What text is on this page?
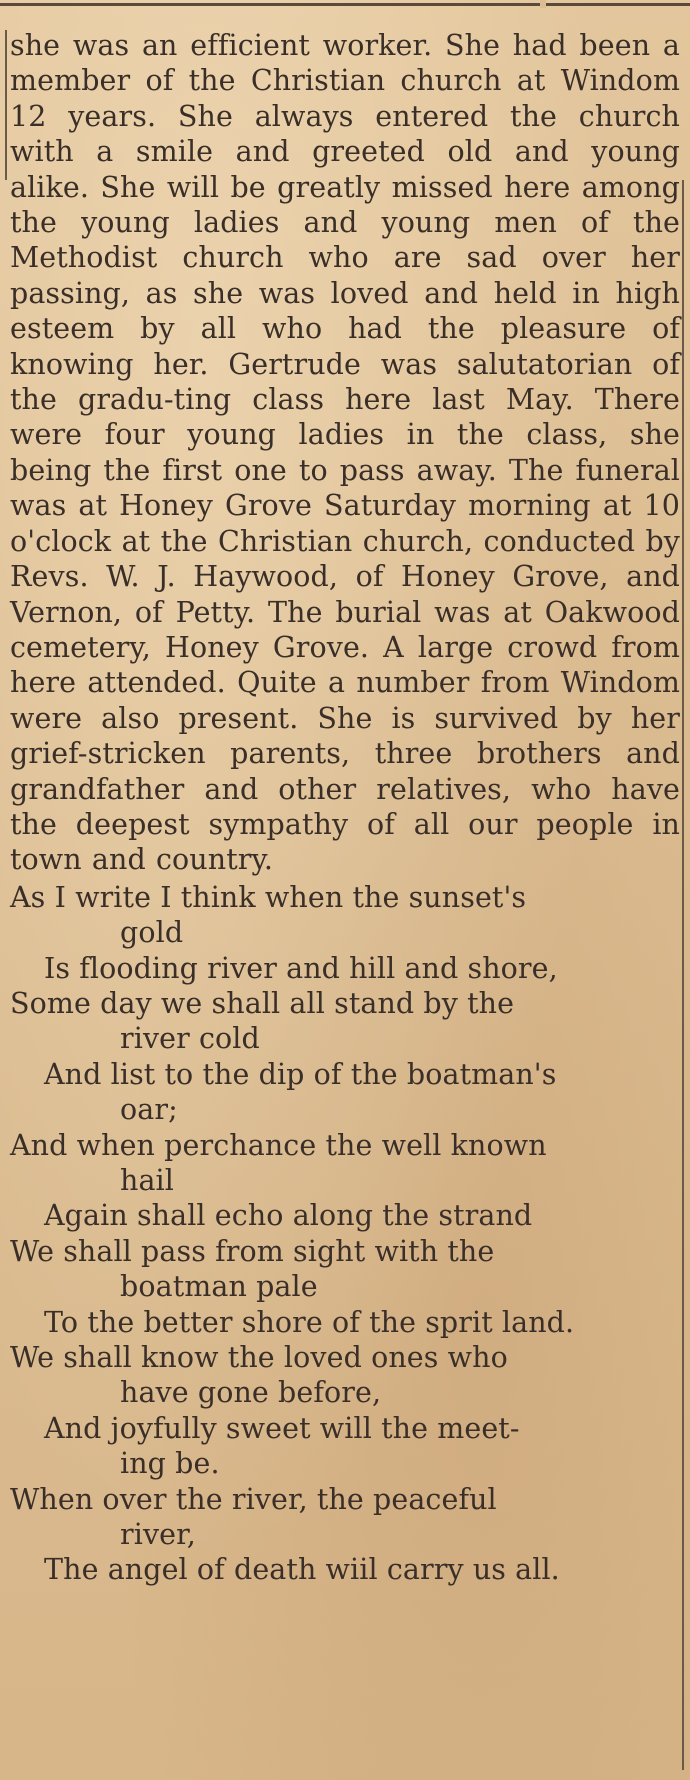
she was an efficient worker. She had been a member of the Christian church at Windom 12 years. She always entered the church with a smile and greeted old and young alike. She will be greatly missed here among the young ladies and young men of the Methodist church who are sad over her passing, as she was loved and held in high esteem by all who had the pleasure of knowing her. Gertrude was salutatorian of the gradu-ting class here last May. There were four young ladies in the class, she being the first one to pass away. The funeral was at Honey Grove Saturday morning at 10 o'clock at the Christian church, conducted by Revs. W. J. Haywood, of Honey Grove, and Vernon, of Petty. The burial was at Oakwood cemetery, Honey Grove. A large crowd from here attended. Quite a number from Windom were also present. She is survived by her grief-stricken parents, three brothers and grandfather and other relatives, who have the deepest sympathy of all our people in town and country.

As I write I think when the sunset's
gold

Is flooding river and hill and shore,

Some day we shall all stand by the
river cold

And list to the dip of the boatman's
oar;

And when perchance the well known
hail

Again shall echo along the strand

We shall pass from sight with the
boatman pale

To the better shore of the sprit land.

We shall know the loved ones who
have gone before,

And joyfully sweet will the meet-
ing be.

When over the river, the peaceful
river,

The angel of death wiil carry us all.
